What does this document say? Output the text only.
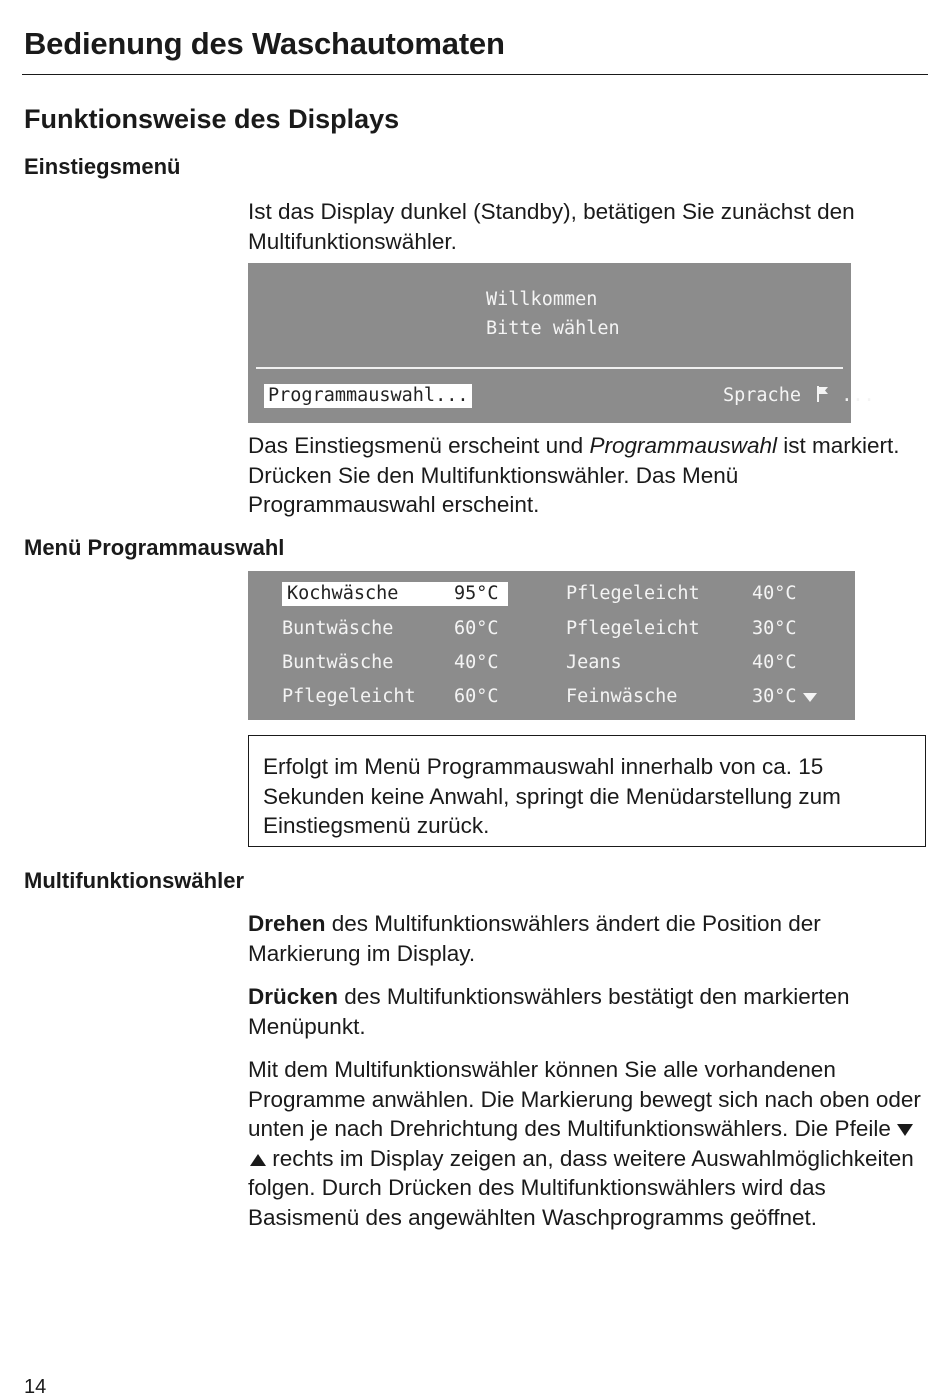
Bedienung des Waschautomaten
Funktionsweise des Displays
Einstiegsmenü

Ist das Display dunkel (Standby), betätigen Sie zunächst den Multifunktionswähler.

Willkommen
Bitte wählen
Programmauswahl...	Sprache ...

Das Einstiegsmenü erscheint und Programmauswahl ist markiert. Drücken Sie den Multifunktionswähler. Das Menü Programmauswahl erscheint.

Menü Programmauswahl
Kochwäsche	95°C	Pflegeleicht	40°C
Buntwäsche	60°C	Pflegeleicht	30°C
Buntwäsche	40°C	Jeans	40°C
Pflegeleicht 60°C	Feinwäsche	30°C

Erfolgt im Menü Programmauswahl innerhalb von ca. 15 Sekunden keine Anwahl, springt die Menüdarstellung zum Einstiegsmenü zurück.

Multifunktionswähler

Drehen des Multifunktionswählers ändert die Position der Markierung im Display.

Drücken des Multifunktionswählers bestätigt den markierten Menüpunkt.

Mit dem Multifunktionswähler können Sie alle vorhandenen Programme anwählen. Die Markierung bewegt sich nach oben oder unten je nach Drehrichtung des Multifunktionswählers. Die Pfeile  rechts im Display zeigen an, dass weitere Auswahlmöglichkeiten folgen. Durch Drücken des Multifunktionswählers wird das Basismenü des angewählten Waschprogramms geöffnet.

14
